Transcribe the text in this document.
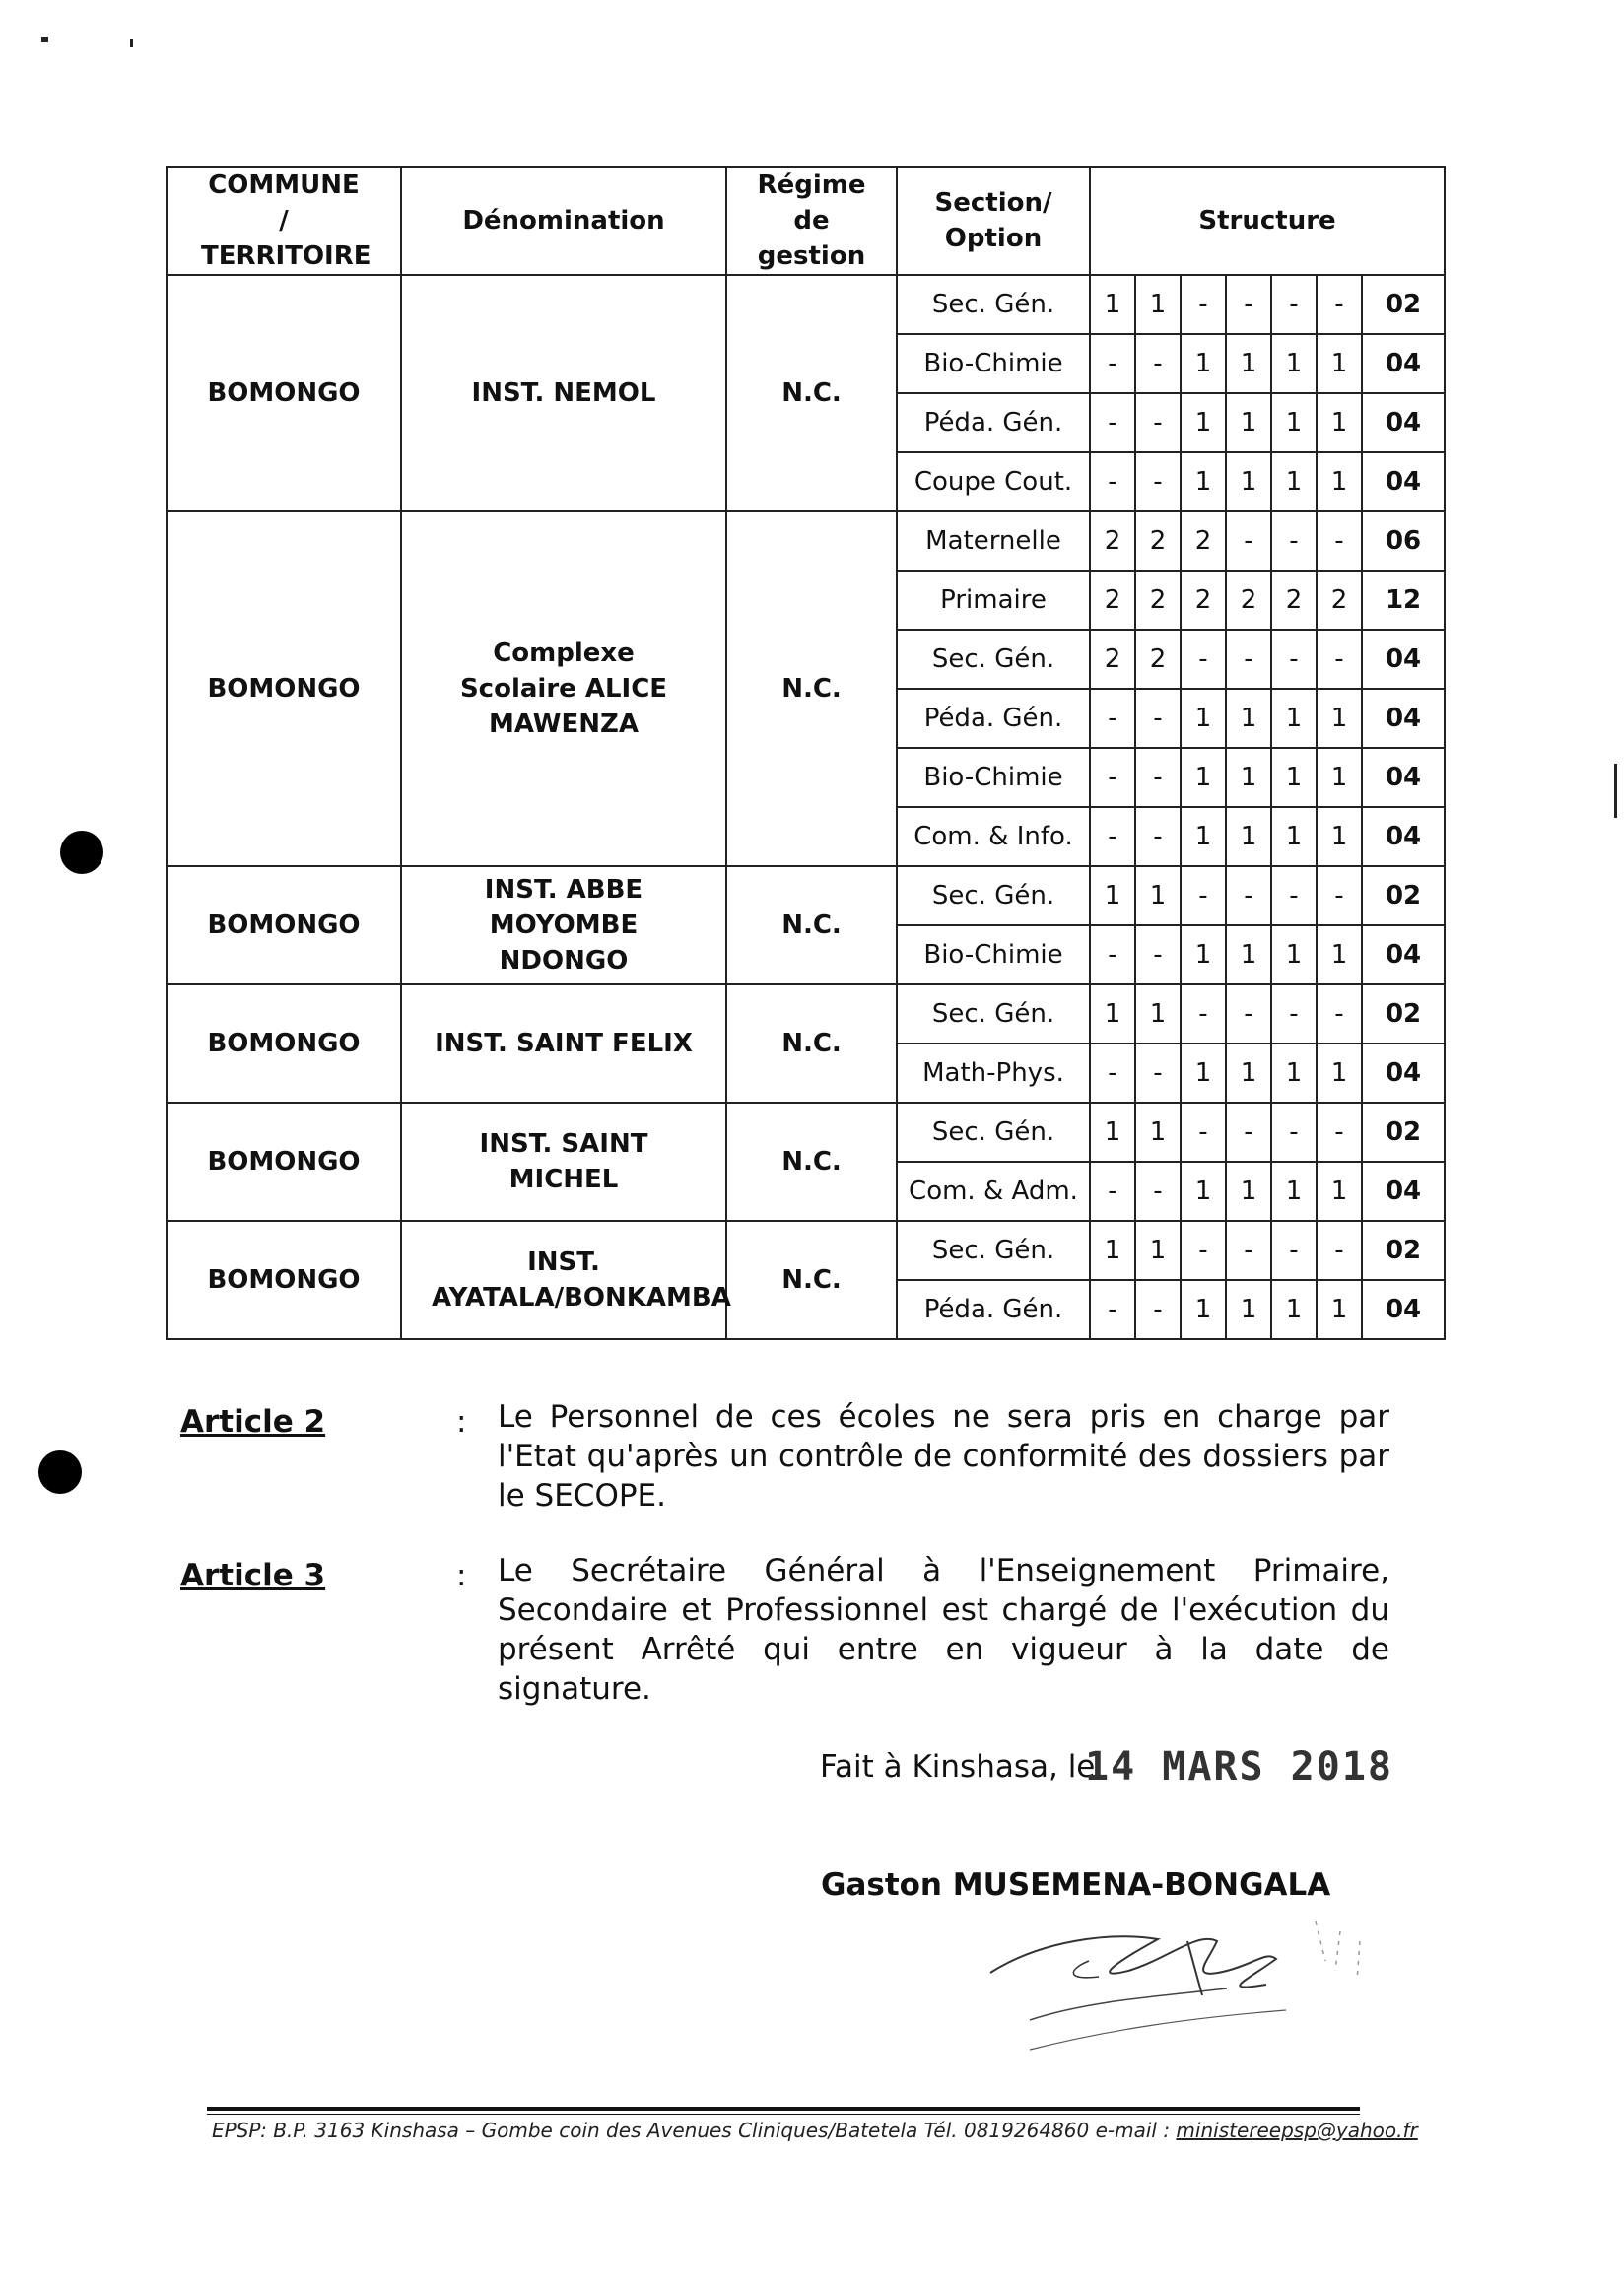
COMMUNE / TERRITOIRE	Dénomination	Régime de gestion	Section/ Option	Structure						
BOMONGO	INST. NEMOL	N.C.	Sec. Gén.	1	1	-	-	-	-	02
			Bio-Chimie	-	-	1	1	1	1	04
			Péda. Gén.	-	-	1	1	1	1	04
			Coupe Cout.	-	-	1	1	1	1	04
BOMONGO	Complexe Scolaire ALICE MAWENZA	N.C.	Maternelle	2	2	2	-	-	-	06
			Primaire	2	2	2	2	2	2	12
			Sec. Gén.	2	2	-	-	-	-	04
			Péda. Gén.	-	-	1	1	1	1	04
			Bio-Chimie	-	-	1	1	1	1	04
			Com. & Info.	-	-	1	1	1	1	04
BOMONGO	INST. ABBE MOYOMBE NDONGO	N.C.	Sec. Gén.	1	1	-	-	-	-	02
			Bio-Chimie	-	-	1	1	1	1	04
BOMONGO	INST. SAINT FELIX	N.C.	Sec. Gén.	1	1	-	-	-	-	02
			Math-Phys.	-	-	1	1	1	1	04
BOMONGO	INST. SAINT MICHEL	N.C.	Sec. Gén.	1	1	-	-	-	-	02
			Com. & Adm.	-	-	1	1	1	1	04
BOMONGO	INST. AYATALA/BONKAMBA	N.C.	Sec. Gén.	1	1	-	-	-	-	02
			Péda. Gén.	-	-	1	1	1	1	04
Article 2	: Le Personnel de ces écoles ne sera pris en charge par l'Etat qu'après un contrôle de conformité des dossiers par le SECOPE.
Article 3	: Le Secrétaire Général à l'Enseignement Primaire, Secondaire et Professionnel est chargé de l'exécution du présent Arrêté qui entre en vigueur à la date de signature.
Fait à Kinshasa, le
14 MARS 2018
Gaston MUSEMENA-BONGALA
EPSP: B.P. 3163 Kinshasa – Gombe coin des Avenues Cliniques/Batetela Tél. 0819264860 e-mail : ministereepsp@yahoo.fr
